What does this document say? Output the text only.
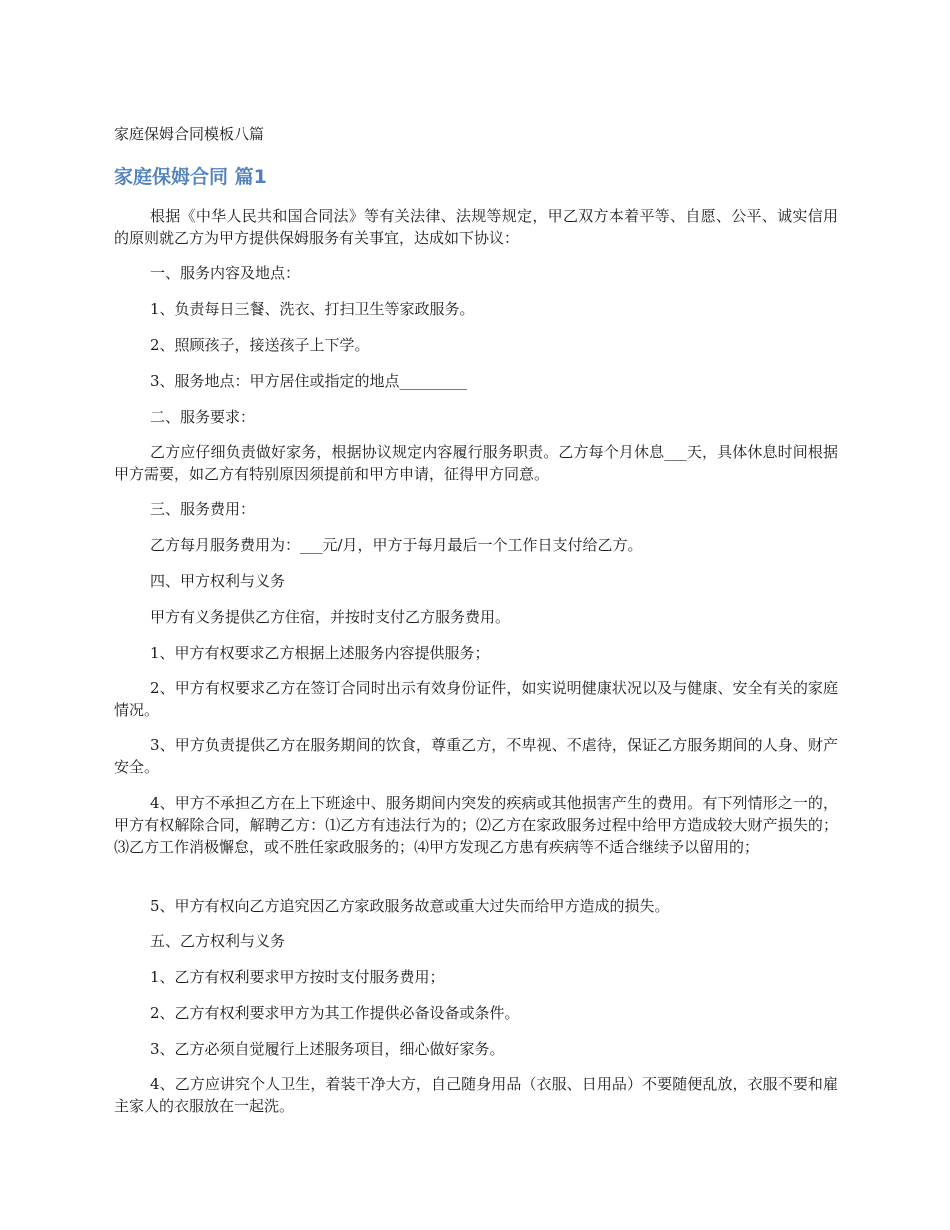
家庭保姆合同模板八篇

家庭保姆合同 篇1

根据《中华人民共和国合同法》等有关法律、法规等规定，甲乙双方本着平等、自愿、公平、诚实信用的原则就乙方为甲方提供保姆服务有关事宜，达成如下协议：

一、服务内容及地点：

1、负责每日三餐、洗衣、打扫卫生等家政服务。

2、照顾孩子，接送孩子上下学。

3、服务地点：甲方居住或指定的地点_________

二、服务要求：

乙方应仔细负责做好家务，根据协议规定内容履行服务职责。乙方每个月休息___天，具体休息时间根据甲方需要，如乙方有特别原因须提前和甲方申请，征得甲方同意。

三、服务费用：

乙方每月服务费用为：___元/月，甲方于每月最后一个工作日支付给乙方。

四、甲方权利与义务

甲方有义务提供乙方住宿，并按时支付乙方服务费用。

1、甲方有权要求乙方根据上述服务内容提供服务；

2、甲方有权要求乙方在签订合同时出示有效身份证件，如实说明健康状况以及与健康、安全有关的家庭情况。

3、甲方负责提供乙方在服务期间的饮食，尊重乙方，不卑视、不虐待，保证乙方服务期间的人身、财产安全。

4、甲方不承担乙方在上下班途中、服务期间内突发的疾病或其他损害产生的费用。有下列情形之一的，甲方有权解除合同，解聘乙方：⑴乙方有违法行为的；⑵乙方在家政服务过程中给甲方造成较大财产损失的；⑶乙方工作消极懈怠，或不胜任家政服务的；⑷甲方发现乙方患有疾病等不适合继续予以留用的；

5、甲方有权向乙方追究因乙方家政服务故意或重大过失而给甲方造成的损失。

五、乙方权利与义务

1、乙方有权利要求甲方按时支付服务费用；

2、乙方有权利要求甲方为其工作提供必备设备或条件。

3、乙方必须自觉履行上述服务项目，细心做好家务。

4、乙方应讲究个人卫生，着装干净大方，自己随身用品（衣服、日用品）不要随便乱放，衣服不要和雇主家人的衣服放在一起洗。
